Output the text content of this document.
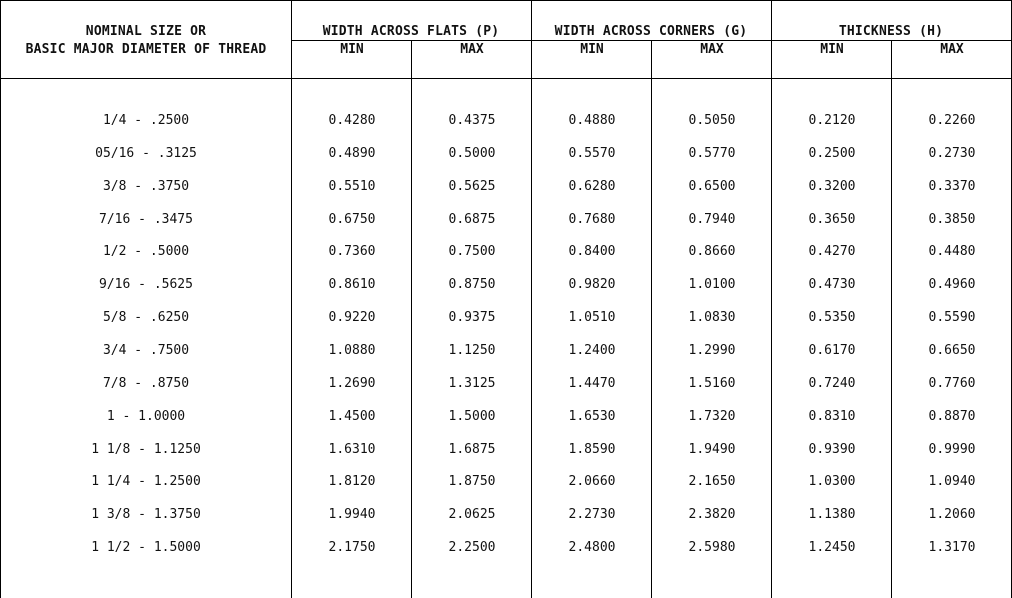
NOMINAL SIZE OR
BASIC MAJOR DIAMETER OF THREAD
WIDTH ACROSS FLATS (P)	WIDTH ACROSS CORNERS (G)	THICKNESS (H)
MIN	MAX	MIN	MAX	MIN	MAX
1/4 - .2500	0.4280	0.4375	0.4880	0.5050	0.2120	0.2260
05/16 - .3125	0.4890	0.5000	0.5570	0.5770	0.2500	0.2730
3/8 - .3750	0.5510	0.5625	0.6280	0.6500	0.3200	0.3370
7/16 - .3475	0.6750	0.6875	0.7680	0.7940	0.3650	0.3850
1/2 - .5000	0.7360	0.7500	0.8400	0.8660	0.4270	0.4480
9/16 - .5625	0.8610	0.8750	0.9820	1.0100	0.4730	0.4960
5/8 - .6250	0.9220	0.9375	1.0510	1.0830	0.5350	0.5590
3/4 - .7500	1.0880	1.1250	1.2400	1.2990	0.6170	0.6650
7/8 - .8750	1.2690	1.3125	1.4470	1.5160	0.7240	0.7760
1 - 1.0000	1.4500	1.5000	1.6530	1.7320	0.8310	0.8870
1 1/8 - 1.1250	1.6310	1.6875	1.8590	1.9490	0.9390	0.9990
1 1/4 - 1.2500	1.8120	1.8750	2.0660	2.1650	1.0300	1.0940
1 3/8 - 1.3750	1.9940	2.0625	2.2730	2.3820	1.1380	1.2060
1 1/2 - 1.5000	2.1750	2.2500	2.4800	2.5980	1.2450	1.3170
